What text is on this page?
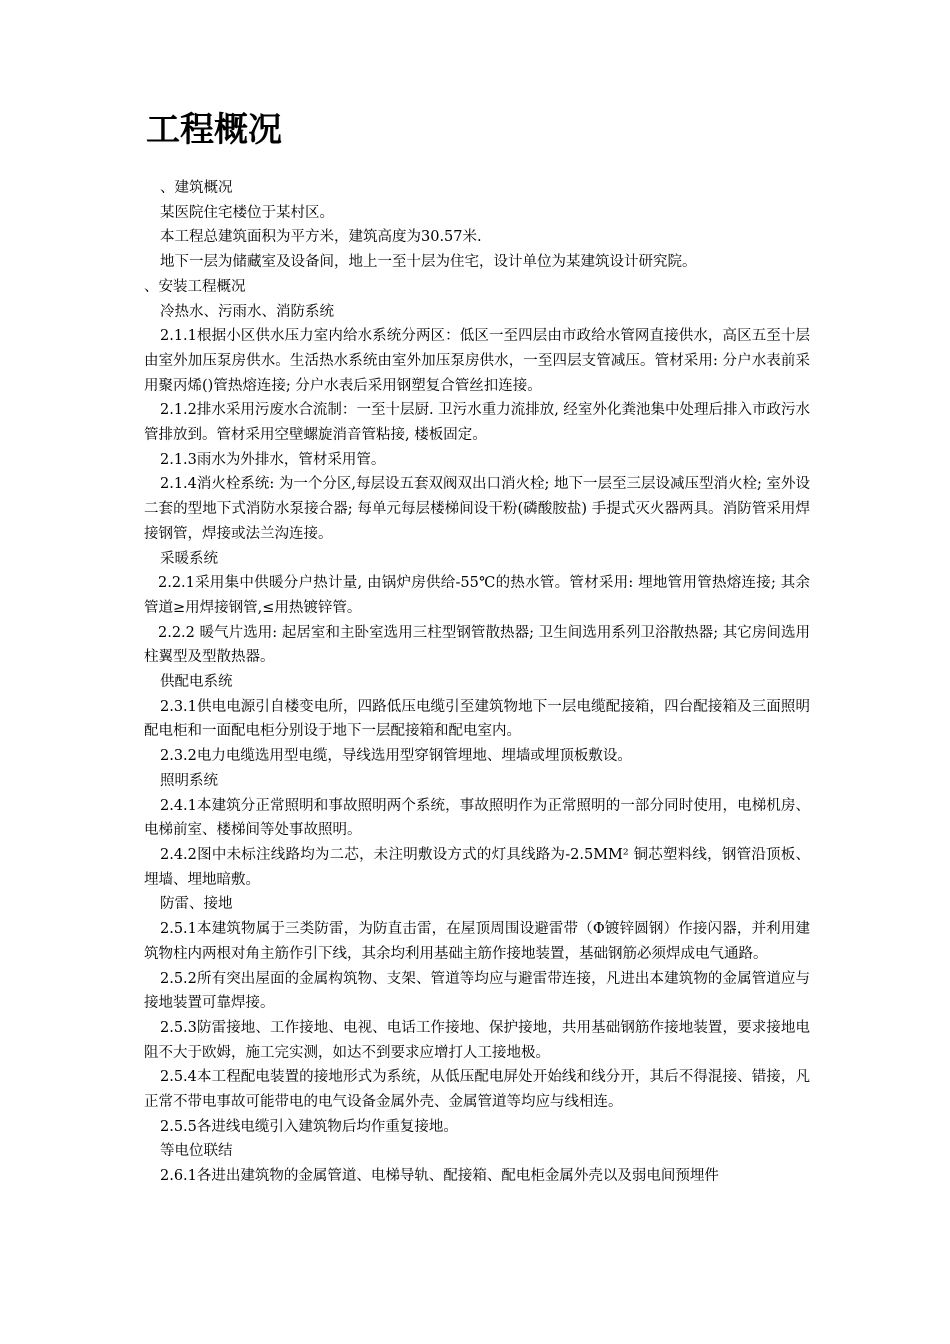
工程概况

、建筑概况

某医院住宅楼位于某村区。

本工程总建筑面积为平方米，建筑高度为30.57米.

地下一层为储藏室及设备间，地上一至十层为住宅，设计单位为某建筑设计研究院。

、安装工程概况

冷热水、污雨水、消防系统

2.1.1根据小区供水压力室内给水系统分两区：低区一至四层由市政给水管网直接供水，高区五至十层由室外加压泵房供水。生活热水系统由室外加压泵房供水，一至四层支管减压。管材采用: 分户水表前采用聚丙烯()管热熔连接; 分户水表后采用钢塑复合管丝扣连接。

2.1.2排水采用污废水合流制：一至十层厨. 卫污水重力流排放, 经室外化粪池集中处理后排入市政污水管排放到。管材采用空壁螺旋消音管粘接, 楼板固定。

2.1.3雨水为外排水，管材采用管。

2.1.4消火栓系统: 为一个分区,每层设五套双阀双出口消火栓; 地下一层至三层设减压型消火栓; 室外设二套的型地下式消防水泵接合器; 每单元每层楼梯间设干粉(磷酸胺盐) 手提式灭火器两具。消防管采用焊接钢管，焊接或法兰沟连接。

采暖系统

2.2.1采用集中供暖分户热计量, 由锅炉房供给-55℃的热水管。管材采用: 埋地管用管热熔连接; 其余管道≥用焊接钢管,≤用热镀锌管。

2.2.2 暖气片选用: 起居室和主卧室选用三柱型钢管散热器; 卫生间选用系列卫浴散热器; 其它房间选用柱翼型及型散热器。

供配电系统

2.3.1供电电源引自楼变电所，四路低压电缆引至建筑物地下一层电缆配接箱，四台配接箱及三面照明配电柜和一面配电柜分别设于地下一层配接箱和配电室内。

2.3.2电力电缆选用型电缆，导线选用型穿钢管埋地、埋墙或埋顶板敷设。

照明系统

2.4.1本建筑分正常照明和事故照明两个系统，事故照明作为正常照明的一部分同时使用，电梯机房、电梯前室、楼梯间等处事故照明。

2.4.2图中未标注线路均为二芯，未注明敷设方式的灯具线路为-2.5MM² 铜芯塑料线，钢管沿顶板、埋墙、埋地暗敷。

防雷、接地

2.5.1本建筑物属于三类防雷，为防直击雷，在屋顶周围设避雷带（Φ镀锌圆钢）作接闪器，并利用建筑物柱内两根对角主筋作引下线，其余均利用基础主筋作接地装置，基础钢筋必须焊成电气通路。

2.5.2所有突出屋面的金属构筑物、支架、管道等均应与避雷带连接，凡进出本建筑物的金属管道应与接地装置可靠焊接。

2.5.3防雷接地、工作接地、电视、电话工作接地、保护接地，共用基础钢筋作接地装置，要求接地电阻不大于欧姆，施工完实测，如达不到要求应增打人工接地极。

2.5.4本工程配电装置的接地形式为系统，从低压配电屏处开始线和线分开，其后不得混接、错接，凡正常不带电事故可能带电的电气设备金属外壳、金属管道等均应与线相连。

2.5.5各进线电缆引入建筑物后均作重复接地。

等电位联结

2.6.1各进出建筑物的金属管道、电梯导轨、配接箱、配电柜金属外壳以及弱电间预埋件
